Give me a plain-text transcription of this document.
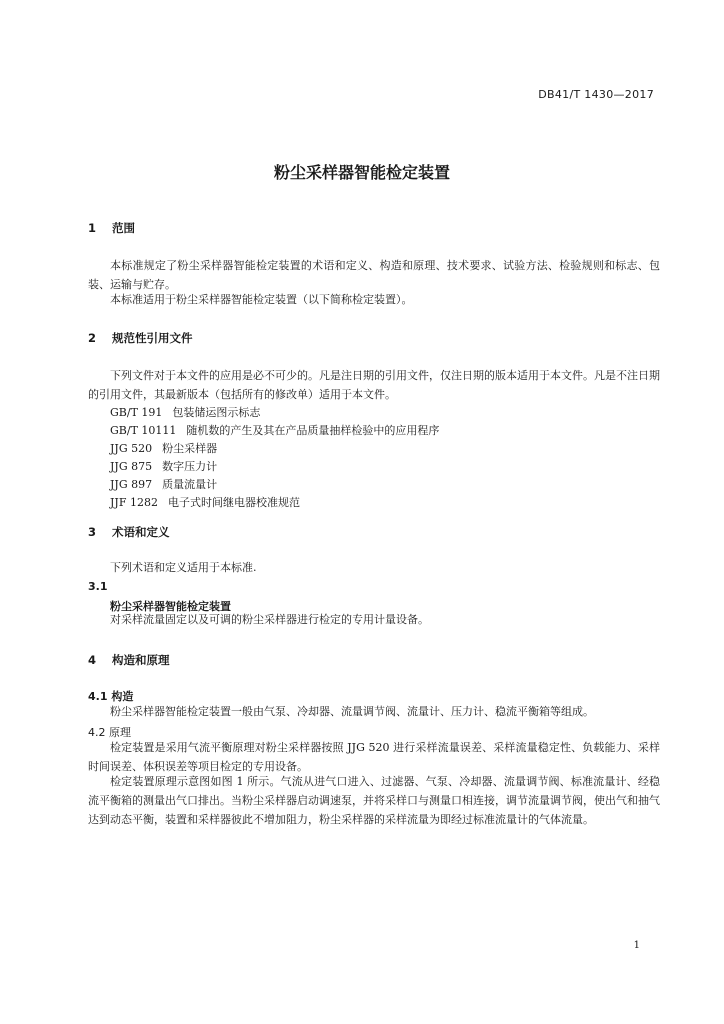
DB41/T 1430—2017
粉尘采样器智能检定装置
1 范围
本标准规定了粉尘采样器智能检定装置的术语和定义、构造和原理、技术要求、试验方法、检验规则和标志、包装、运输与贮存。
本标准适用于粉尘采样器智能检定装置（以下简称检定装置）。
2 规范性引用文件
下列文件对于本文件的应用是必不可少的。凡是注日期的引用文件，仅注日期的版本适用于本文件。凡是不注日期的引用文件，其最新版本（包括所有的修改单）适用于本文件。
GB/T 191 包装储运图示标志
GB/T 10111 随机数的产生及其在产品质量抽样检验中的应用程序
JJG 520 粉尘采样器
JJG 875 数字压力计
JJG 897 质量流量计
JJF 1282 电子式时间继电器校准规范
3 术语和定义
下列术语和定义适用于本标准.
3.1
粉尘采样器智能检定装置
对采样流量固定以及可调的粉尘采样器进行检定的专用计量设备。
4 构造和原理
4.1 构造
粉尘采样器智能检定装置一般由气泵、冷却器、流量调节阀、流量计、压力计、稳流平衡箱等组成。
4.2 原理
检定装置是采用气流平衡原理对粉尘采样器按照 JJG 520 进行采样流量误差、采样流量稳定性、负载能力、采样时间误差、体积误差等项目检定的专用设备。
检定装置原理示意图如图 1 所示。气流从进气口进入、过滤器、气泵、冷却器、流量调节阀、标准流量计、经稳流平衡箱的测量出气口排出。当粉尘采样器启动调速泵，并将采样口与测量口相连接，调节流量调节阀，使出气和抽气达到动态平衡，装置和采样器彼此不增加阻力，粉尘采样器的采样流量为即经过标准流量计的气体流量。
1
